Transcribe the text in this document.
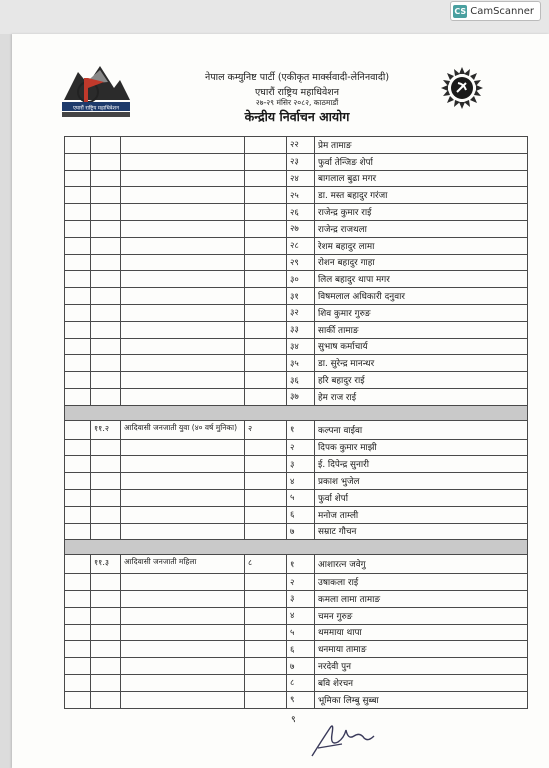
CS CamScanner
एघारौं राष्ट्रिय महाधिवेशन
नेपाल कम्युनिष्ट पार्टी (एकीकृत मार्क्सवादी-लेनिनवादी)
एघारौं राष्ट्रिय महाधिवेशन
२७-२९ मंसिर २०८२, काठमाडौं
केन्द्रीय निर्वाचन आयोग
				२२	प्रेम तामाङ
				२३	फुर्वा तेन्जिङ शेर्पा
				२४	बागलाल बुढा मगर
				२५	डा. मस्त बहादुर गरंजा
				२६	राजेन्द्र कुमार राई
				२७	राजेन्द्र राजथला
				२८	रेशम बहादुर लामा
				२९	रोशन बहादुर गाहा
				३०	लिल बहादुर थापा मगर
				३१	विषमलाल अधिकारी दनुवार
				३२	शिव कुमार गुरुङ
				३३	सार्की तामाङ
				३४	सुभाष कर्माचार्य
				३५	डा. सुरेन्द्र मानन्धर
				३६	हरि बहादुर राई
				३७	हेम राज राई

	११.२	आदिवासी जनजाती युवा (४० वर्ष मुनिका)	२	१	कल्पना वाईवा
				२	दिपक कुमार माझी
				३	ई. दिपेन्द्र सुनारी
				४	प्रकाश भुजेल
				५	फुर्वा शेर्पा
				६	मनोज ताम्ली
				७	सम्राट गौचन

	११.३	आदिवासी जनजाती महिला	८	१	आशारत्न जवेगु
				२	उषाकला राई
				३	कमला लामा तामाङ
				४	चमन गुरुङ
				५	थममाया थापा
				६	धनमाया तामाङ
				७	नरदेवी पुन
				८	बवि शेरचन
				९	भूमिका लिम्बु सुब्बा
९
